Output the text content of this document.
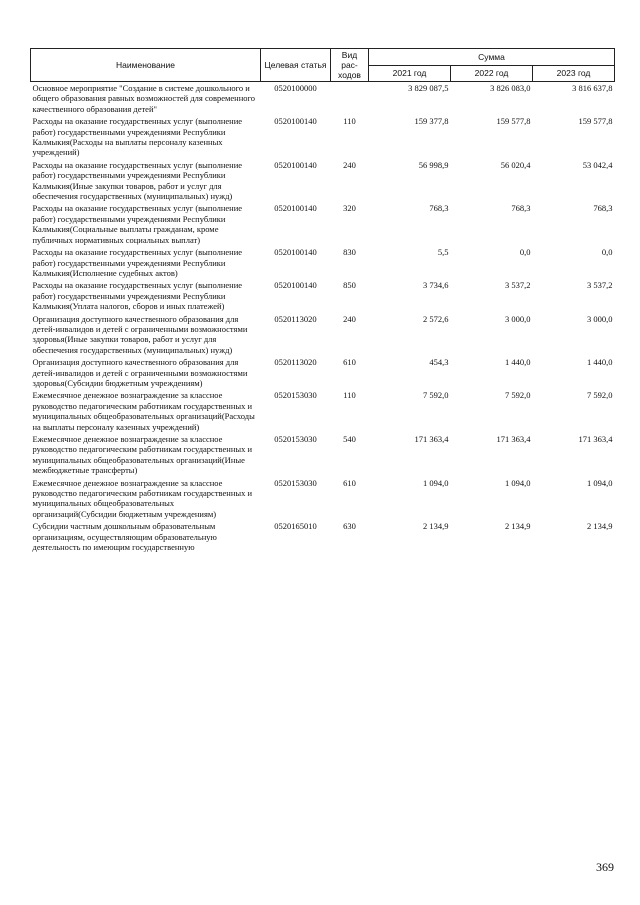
Наименование	Целевая статья	Вид рас-ходов	Сумма		
			2021 год	2022 год	2023 год
Основное мероприятие "Создание в системе дошкольного и общего образования равных возможностей для современного качественного образования детей"	0520100000		3 829 087,5	3 826 083,0	3 816 637,8
Расходы на оказание государственных услуг (выполнение работ) государственными учреждениями Республики Калмыкия(Расходы на выплаты персоналу казенных учреждений)	0520100140	110	159 377,8	159 577,8	159 577,8
Расходы на оказание государственных услуг (выполнение работ) государственными учреждениями Республики Калмыкия(Иные закупки товаров, работ и услуг для обеспечения государственных (муниципальных) нужд)	0520100140	240	56 998,9	56 020,4	53 042,4
Расходы на оказание государственных услуг (выполнение работ) государственными учреждениями Республики Калмыкия(Социальные выплаты гражданам, кроме публичных нормативных социальных выплат)	0520100140	320	768,3	768,3	768,3
Расходы на оказание государственных услуг (выполнение работ) государственными учреждениями Республики Калмыкия(Исполнение судебных актов)	0520100140	830	5,5	0,0	0,0
Расходы на оказание государственных услуг (выполнение работ) государственными учреждениями Республики Калмыкия(Уплата налогов, сборов и иных платежей)	0520100140	850	3 734,6	3 537,2	3 537,2
Организация доступного качественного образования для детей-инвалидов и детей с ограниченными возможностями здоровья(Иные закупки товаров, работ и услуг для обеспечения государственных (муниципальных) нужд)	0520113020	240	2 572,6	3 000,0	3 000,0
Организация доступного качественного образования для детей-инвалидов и детей с ограниченными возможностями здоровья(Субсидии бюджетным учреждениям)	0520113020	610	454,3	1 440,0	1 440,0
Ежемесячное денежное вознаграждение за классное руководство педагогическим работникам государственных и муниципальных общеобразовательных организаций(Расходы на выплаты персоналу казенных учреждений)	0520153030	110	7 592,0	7 592,0	7 592,0
Ежемесячное денежное вознаграждение за классное руководство педагогическим работникам государственных и муниципальных общеобразовательных организаций(Иные межбюджетные трансферты)	0520153030	540	171 363,4	171 363,4	171 363,4
Ежемесячное денежное вознаграждение за классное руководство педагогическим работникам государственных и муниципальных общеобразовательных организаций(Субсидии бюджетным учреждениям)	0520153030	610	1 094,0	1 094,0	1 094,0
Субсидии частным дошкольным образовательным организациям, осуществляющим образовательную деятельность по имеющим государственную	0520165010	630	2 134,9	2 134,9	2 134,9
369
